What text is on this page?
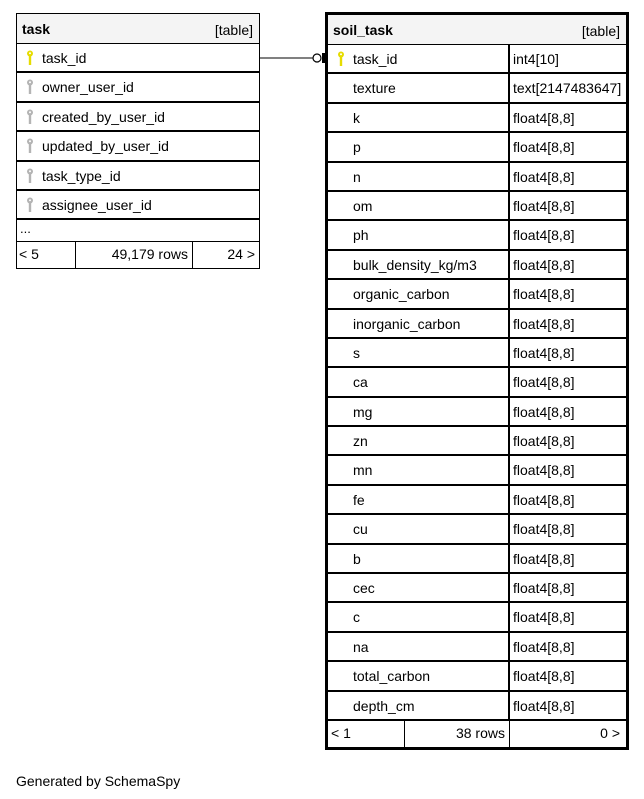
task	[table]
task_id
owner_user_id
created_by_user_id
updated_by_user_id
task_type_id
assignee_user_id
...
< 5	49,179 rows	24 >
soil_task	[table]
task_id	int4[10]
texture	text[2147483647]
k	float4[8,8]
p	float4[8,8]
n	float4[8,8]
om	float4[8,8]
ph	float4[8,8]
bulk_density_kg/m3	float4[8,8]
organic_carbon	float4[8,8]
inorganic_carbon	float4[8,8]
s	float4[8,8]
ca	float4[8,8]
mg	float4[8,8]
zn	float4[8,8]
mn	float4[8,8]
fe	float4[8,8]
cu	float4[8,8]
b	float4[8,8]
cec	float4[8,8]
c	float4[8,8]
na	float4[8,8]
total_carbon	float4[8,8]
depth_cm	float4[8,8]
< 1	38 rows	0 >
Generated by SchemaSpy
